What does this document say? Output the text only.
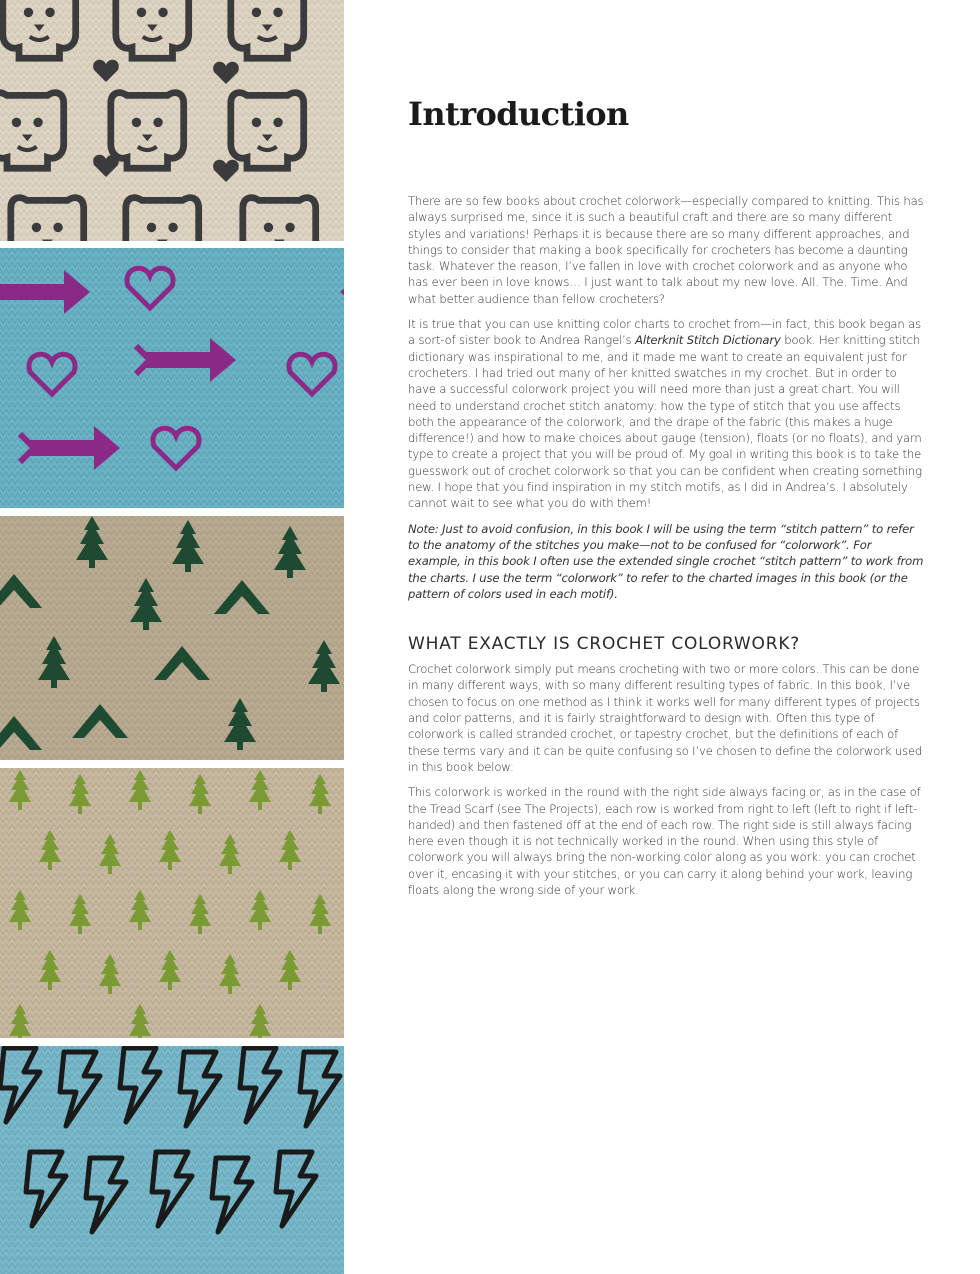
Introduction

There are so few books about crochet colorwork—especially compared to knitting. This has always surprised me, since it is such a beautiful craft and there are so many different styles and variations! Perhaps it is because there are so many different approaches, and things to consider that making a book specifically for crocheters has become a daunting task. Whatever the reason, I’ve fallen in love with crochet colorwork and as anyone who has ever been in love knows… I just want to talk about my new love. All. The. Time. And what better audience than fellow crocheters?

It is true that you can use knitting color charts to crochet from—in fact, this book began as a sort-of sister book to Andrea Rangel’s Alterknit Stitch Dictionary book. Her knitting stitch dictionary was inspirational to me, and it made me want to create an equivalent just for crocheters. I had tried out many of her knitted swatches in my crochet. But in order to have a successful colorwork project you will need more than just a great chart. You will need to understand crochet stitch anatomy: how the type of stitch that you use affects both the appearance of the colorwork, and the drape of the fabric (this makes a huge difference!) and how to make choices about gauge (tension), floats (or no floats), and yarn type to create a project that you will be proud of. My goal in writing this book is to take the guesswork out of crochet colorwork so that you can be confident when creating something new. I hope that you find inspiration in my stitch motifs, as I did in Andrea’s. I absolutely cannot wait to see what you do with them!

Note: Just to avoid confusion, in this book I will be using the term “stitch pattern” to refer to the anatomy of the stitches you make—not to be confused for “colorwork”. For example, in this book I often use the extended single crochet “stitch pattern” to work from the charts. I use the term “colorwork” to refer to the charted images in this book (or the pattern of colors used in each motif).

WHAT EXACTLY IS CROCHET COLORWORK?

Crochet colorwork simply put means crocheting with two or more colors. This can be done in many different ways, with so many different resulting types of fabric. In this book, I’ve chosen to focus on one method as I think it works well for many different types of projects and color patterns, and it is fairly straightforward to design with. Often this type of colorwork is called stranded crochet, or tapestry crochet, but the definitions of each of these terms vary and it can be quite confusing so I’ve chosen to define the colorwork used in this book below:

This colorwork is worked in the round with the right side always facing or, as in the case of the Tread Scarf (see The Projects), each row is worked from right to left (left to right if left-handed) and then fastened off at the end of each row. The right side is still always facing here even though it is not technically worked in the round. When using this style of colorwork you will always bring the non-working color along as you work: you can crochet over it, encasing it with your stitches, or you can carry it along behind your work, leaving floats along the wrong side of your work.
